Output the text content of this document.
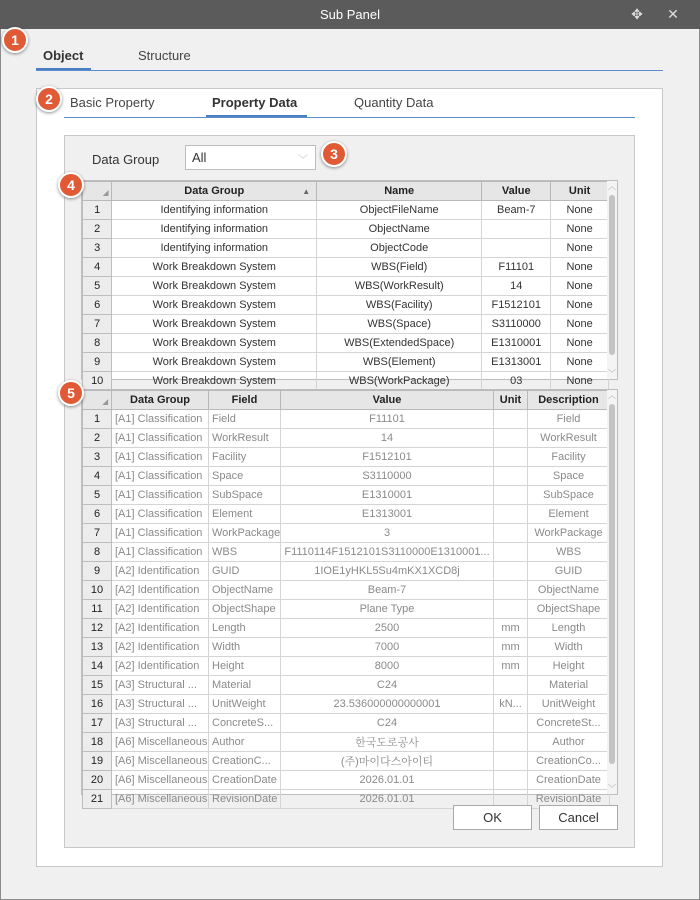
Sub Panel	✥ ✕
1
2
3
4
5
Object	Structure
Basic Property	Property Data	Quantity Data
Data Group	All	﹀
◢	Data Group ▲	Name	Value	Unit
1	Identifying information	ObjectFileName	Beam-7	None
2	Identifying information	ObjectName		None
3	Identifying information	ObjectCode		None
4	Work Breakdown System	WBS(Field)	F11101	None
5	Work Breakdown System	WBS(WorkResult)	14	None
6	Work Breakdown System	WBS(Facility)	F1512101	None
7	Work Breakdown System	WBS(Space)	S3110000	None
8	Work Breakdown System	WBS(ExtendedSpace)	E1310001	None
9	Work Breakdown System	WBS(Element)	E1313001	None
10	Work Breakdown System	WBS(WorkPackage)	03	None
︿
﹀
◢	Data Group	Field	Value	Unit	Description
1	[A1] Classification	Field	F11101		Field
2	[A1] Classification	WorkResult	14		WorkResult
3	[A1] Classification	Facility	F1512101		Facility
4	[A1] Classification	Space	S3110000		Space
5	[A1] Classification	SubSpace	E1310001		SubSpace
6	[A1] Classification	Element	E1313001		Element
7	[A1] Classification	WorkPackage	3		WorkPackage
8	[A1] Classification	WBS	F1110114F1512101S3110000E1310001...		WBS
9	[A2] Identification	GUID	1IOE1yHKL5Su4mKX1XCD8j		GUID
10	[A2] Identification	ObjectName	Beam-7		ObjectName
11	[A2] Identification	ObjectShape	Plane Type		ObjectShape
12	[A2] Identification	Length	2500	mm	Length
13	[A2] Identification	Width	7000	mm	Width
14	[A2] Identification	Height	8000	mm	Height
15	[A3] Structural ...	Material	C24		Material
16	[A3] Structural ...	UnitWeight	23.536000000000001	kN...	UnitWeight
17	[A3] Structural ...	ConcreteS...	C24		ConcreteSt...
18	[A6] Miscellaneous	Author	한국도로공사		Author
19	[A6] Miscellaneous	CreationC...	(주)마이다스아이티		CreationCo...
20	[A6] Miscellaneous	CreationDate	2026.01.01		CreationDate
21	[A6] Miscellaneous	RevisionDate	2026.01.01		RevisionDate
︿
﹀
OK	Cancel
